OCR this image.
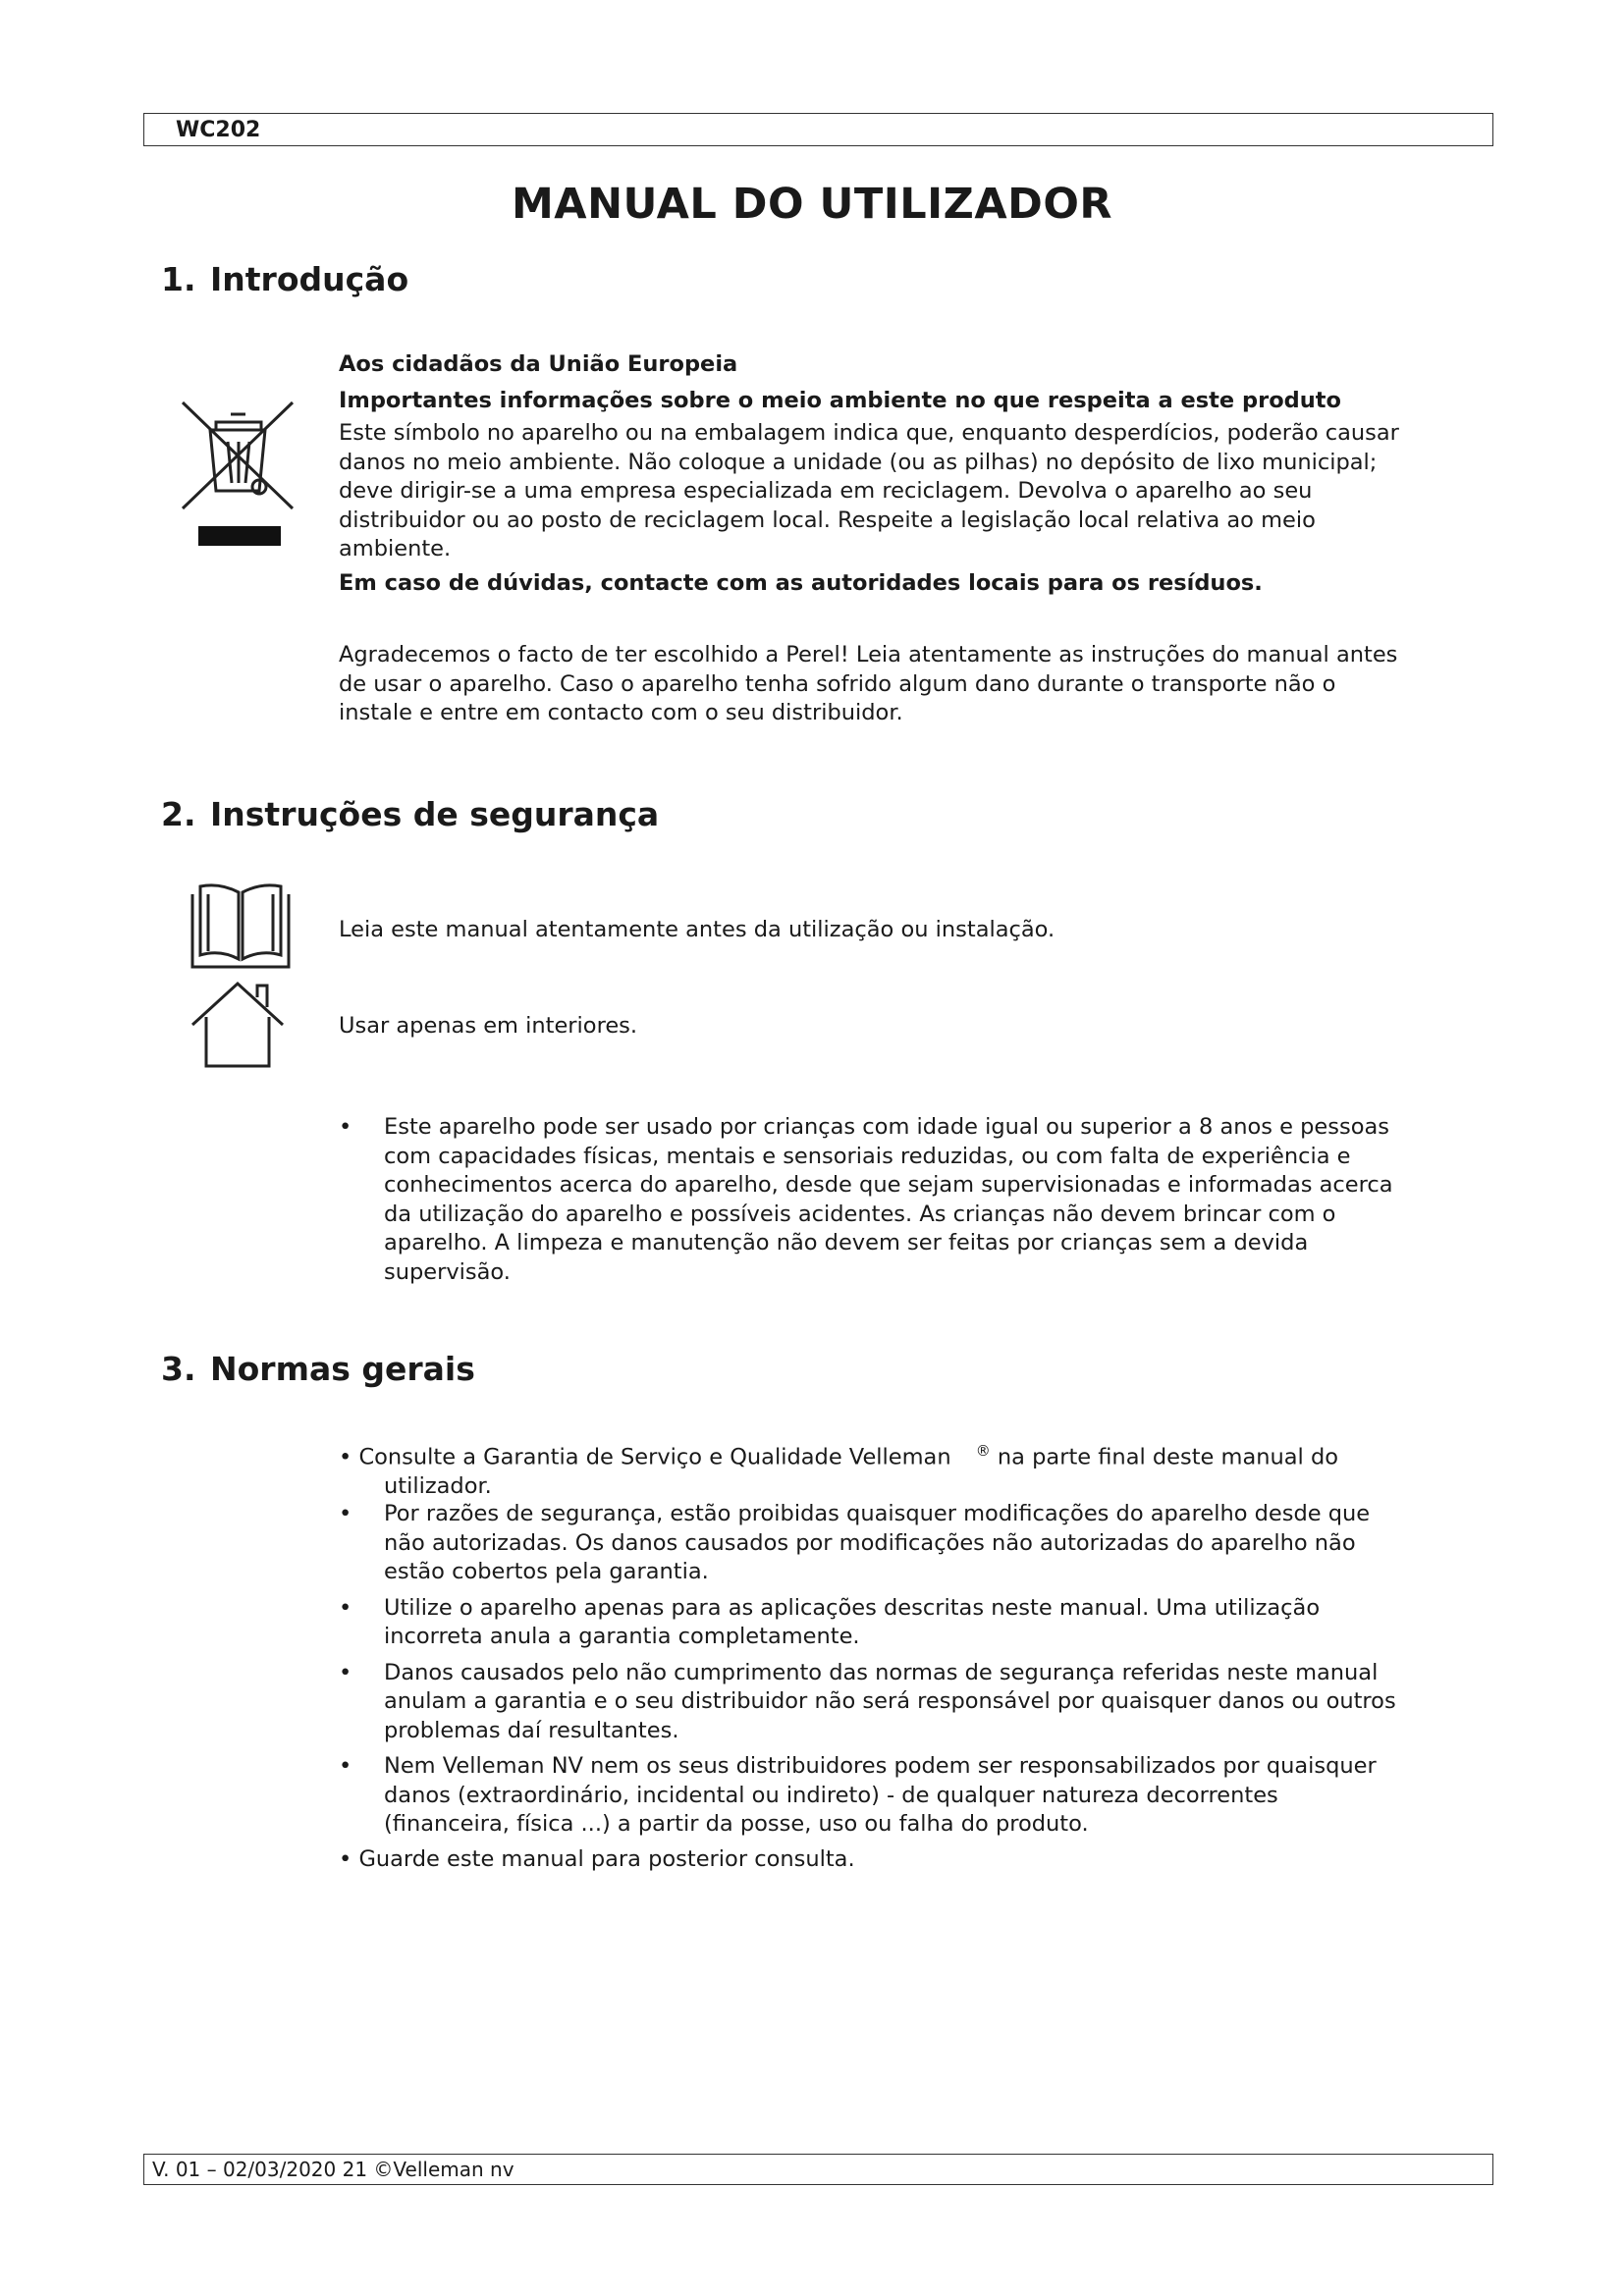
WC202
MANUAL DO UTILIZADOR
1. Introdução
Aos cidadãos da União Europeia
Importantes informações sobre o meio ambiente no que respeita a este produto
Este símbolo no aparelho ou na embalagem indica que, enquanto desperdícios, poderão causar
danos no meio ambiente. Não coloque a unidade (ou as pilhas) no depósito de lixo municipal;
deve dirigir-se a uma empresa especializada em reciclagem. Devolva o aparelho ao seu
distribuidor ou ao posto de reciclagem local. Respeite a legislação local relativa ao meio
ambiente.
Em caso de dúvidas, contacte com as autoridades locais para os resíduos.
Agradecemos o facto de ter escolhido a Perel! Leia atentamente as instruções do manual antes
de usar o aparelho. Caso o aparelho tenha sofrido algum dano durante o transporte não o
instale e entre em contacto com o seu distribuidor.
2. Instruções de segurança
Leia este manual atentamente antes da utilização ou instalação.
Usar apenas em interiores.
• Este aparelho pode ser usado por crianças com idade igual ou superior a 8 anos e pessoas
com capacidades físicas, mentais e sensoriais reduzidas, ou com falta de experiência e
conhecimentos acerca do aparelho, desde que sejam supervisionadas e informadas acerca
da utilização do aparelho e possíveis acidentes. As crianças não devem brincar com o
aparelho. A limpeza e manutenção não devem ser feitas por crianças sem a devida
supervisão.
3. Normas gerais
• Consulte a Garantia de Serviço e Qualidade Velleman ® na parte final deste manual do
utilizador.
• Por razões de segurança, estão proibidas quaisquer modificações do aparelho desde que
não autorizadas. Os danos causados por modificações não autorizadas do aparelho não
estão cobertos pela garantia.
• Utilize o aparelho apenas para as aplicações descritas neste manual. Uma utilização
incorreta anula a garantia completamente.
• Danos causados pelo não cumprimento das normas de segurança referidas neste manual
anulam a garantia e o seu distribuidor não será responsável por quaisquer danos ou outros
problemas daí resultantes.
• Nem Velleman NV nem os seus distribuidores podem ser responsabilizados por quaisquer
danos (extraordinário, incidental ou indireto) - de qualquer natureza decorrentes
(financeira, física ...) a partir da posse, uso ou falha do produto.
• Guarde este manual para posterior consulta.
V. 01 – 02/03/2020 21 ©Velleman nv
